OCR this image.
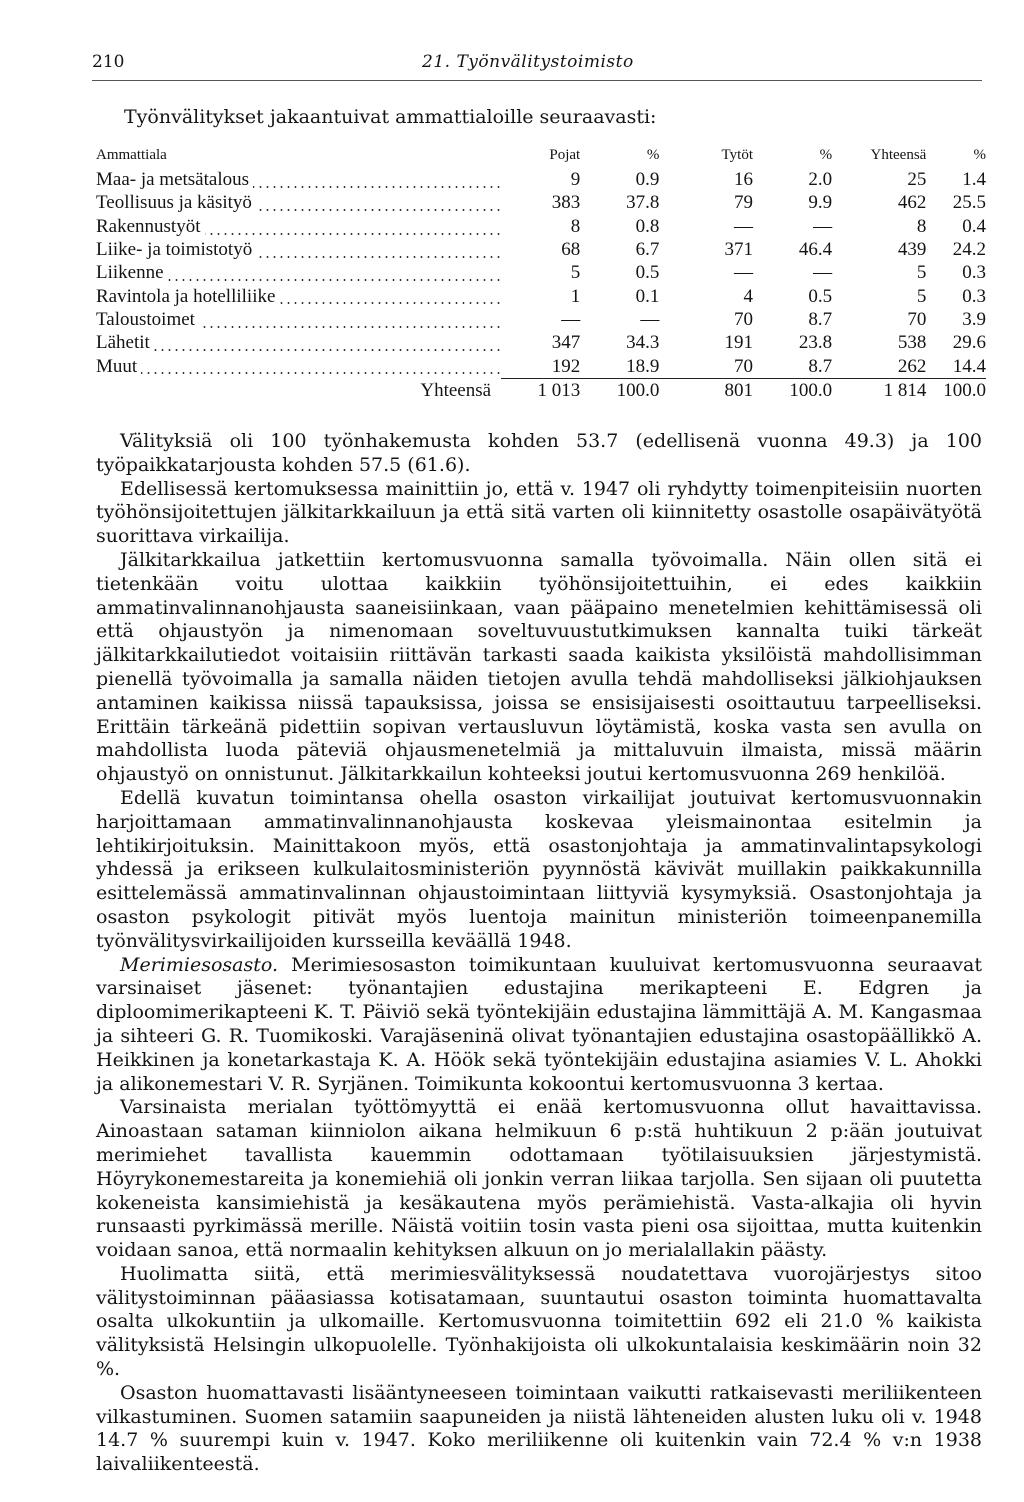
210	21. Työnvälitystoimisto
Työnvälitykset jakaantuivat ammattialoille seuraavasti:
Ammattiala	Pojat	%	Tytöt	%	Yhteensä	%
Maa- ja metsätalous	9	0.9	16	2.0	25	1.4
Teollisuus ja käsityö	383	37.8	79	9.9	462	25.5
Rakennustyöt	8	0.8	—	—	8	0.4
Liike- ja toimistotyö	68	6.7	371	46.4	439	24.2
Liikenne	5	0.5	—	—	5	0.3
Ravintola ja hotelliliike	1	0.1	4	0.5	5	0.3
Taloustoimet	—	—	70	8.7	70	3.9
Lähetit	347	34.3	191	23.8	538	29.6
Muut	192	18.9	70	8.7	262	14.4
Yhteensä	1 013	100.0	801	100.0	1 814	100.0

Välityksiä oli 100 työnhakemusta kohden 53.7 (edellisenä vuonna 49.3) ja 100 työpaikkatarjousta kohden 57.5 (61.6).

Edellisessä kertomuksessa mainittiin jo, että v. 1947 oli ryhdytty toimenpiteisiin nuorten työhönsijoitettujen jälkitarkkailuun ja että sitä varten oli kiinnitetty osastolle osapäivätyötä suorittava virkailija.

Jälkitarkkailua jatkettiin kertomusvuonna samalla työvoimalla. Näin ollen sitä ei tietenkään voitu ulottaa kaikkiin työhönsijoitettuihin, ei edes kaikkiin ammatinvalinnanohjausta saaneisiinkaan, vaan pääpaino menetelmien kehittämisessä oli että ohjaustyön ja nimenomaan soveltuvuustutkimuksen kannalta tuiki tärkeät jälkitarkkailutiedot voitaisiin riittävän tarkasti saada kaikista yksilöistä mahdollisimman pienellä työvoimalla ja samalla näiden tietojen avulla tehdä mahdolliseksi jälkiohjauksen antaminen kaikissa niissä tapauksissa, joissa se ensisijaisesti osoittautuu tarpeelliseksi. Erittäin tärkeänä pidettiin sopivan vertausluvun löytämistä, koska vasta sen avulla on mahdollista luoda päteviä ohjausmenetelmiä ja mittaluvuin ilmaista, missä määrin ohjaustyö on onnistunut. Jälkitarkkailun kohteeksi joutui kertomusvuonna 269 henkilöä.

Edellä kuvatun toimintansa ohella osaston virkailijat joutuivat kertomusvuonnakin harjoittamaan ammatinvalinnanohjausta koskevaa yleismainontaa esitelmin ja lehtikirjoituksin. Mainittakoon myös, että osastonjohtaja ja ammatinvalintapsykologi yhdessä ja erikseen kulkulaitosministeriön pyynnöstä kävivät muillakin paikkakunnilla esittelemässä ammatinvalinnan ohjaustoimintaan liittyviä kysymyksiä. Osastonjohtaja ja osaston psykologit pitivät myös luentoja mainitun ministeriön toimeenpanemilla työnvälitysvirkailijoiden kursseilla keväällä 1948.

Merimiesosasto. Merimiesosaston toimikuntaan kuuluivat kertomusvuonna seuraavat varsinaiset jäsenet: työnantajien edustajina merikapteeni E. Edgren ja diploomimerikapteeni K. T. Päiviö sekä työntekijäin edustajina lämmittäjä A. M. Kangasmaa ja sihteeri G. R. Tuomikoski. Varajäseninä olivat työnantajien edustajina osastopäällikkö A. Heikkinen ja konetarkastaja K. A. Höök sekä työntekijäin edustajina asiamies V. L. Ahokki ja alikonemestari V. R. Syrjänen. Toimikunta kokoontui kertomusvuonna 3 kertaa.

Varsinaista merialan työttömyyttä ei enää kertomusvuonna ollut havaittavissa. Ainoastaan sataman kiinniolon aikana helmikuun 6 p:stä huhtikuun 2 p:ään joutuivat merimiehet tavallista kauemmin odottamaan työtilaisuuksien järjestymistä. Höyrykonemestareita ja konemiehiä oli jonkin verran liikaa tarjolla. Sen sijaan oli puutetta kokeneista kansimiehistä ja kesäkautena myös perämiehistä. Vasta-alkajia oli hyvin runsaasti pyrkimässä merille. Näistä voitiin tosin vasta pieni osa sijoittaa, mutta kuitenkin voidaan sanoa, että normaalin kehityksen alkuun on jo merialallakin päästy.

Huolimatta siitä, että merimiesvälityksessä noudatettava vuorojärjestys sitoo välitystoiminnan pääasiassa kotisatamaan, suuntautui osaston toiminta huomattavalta osalta ulkokuntiin ja ulkomaille. Kertomusvuonna toimitettiin 692 eli 21.0 % kaikista välityksistä Helsingin ulkopuolelle. Työnhakijoista oli ulkokuntalaisia keskimäärin noin 32 %.

Osaston huomattavasti lisääntyneeseen toimintaan vaikutti ratkaisevasti meriliikenteen vilkastuminen. Suomen satamiin saapuneiden ja niistä lähteneiden alusten luku oli v. 1948 14.7 % suurempi kuin v. 1947. Koko meriliikenne oli kuitenkin vain 72.4 % v:n 1938 laivaliikenteestä.
